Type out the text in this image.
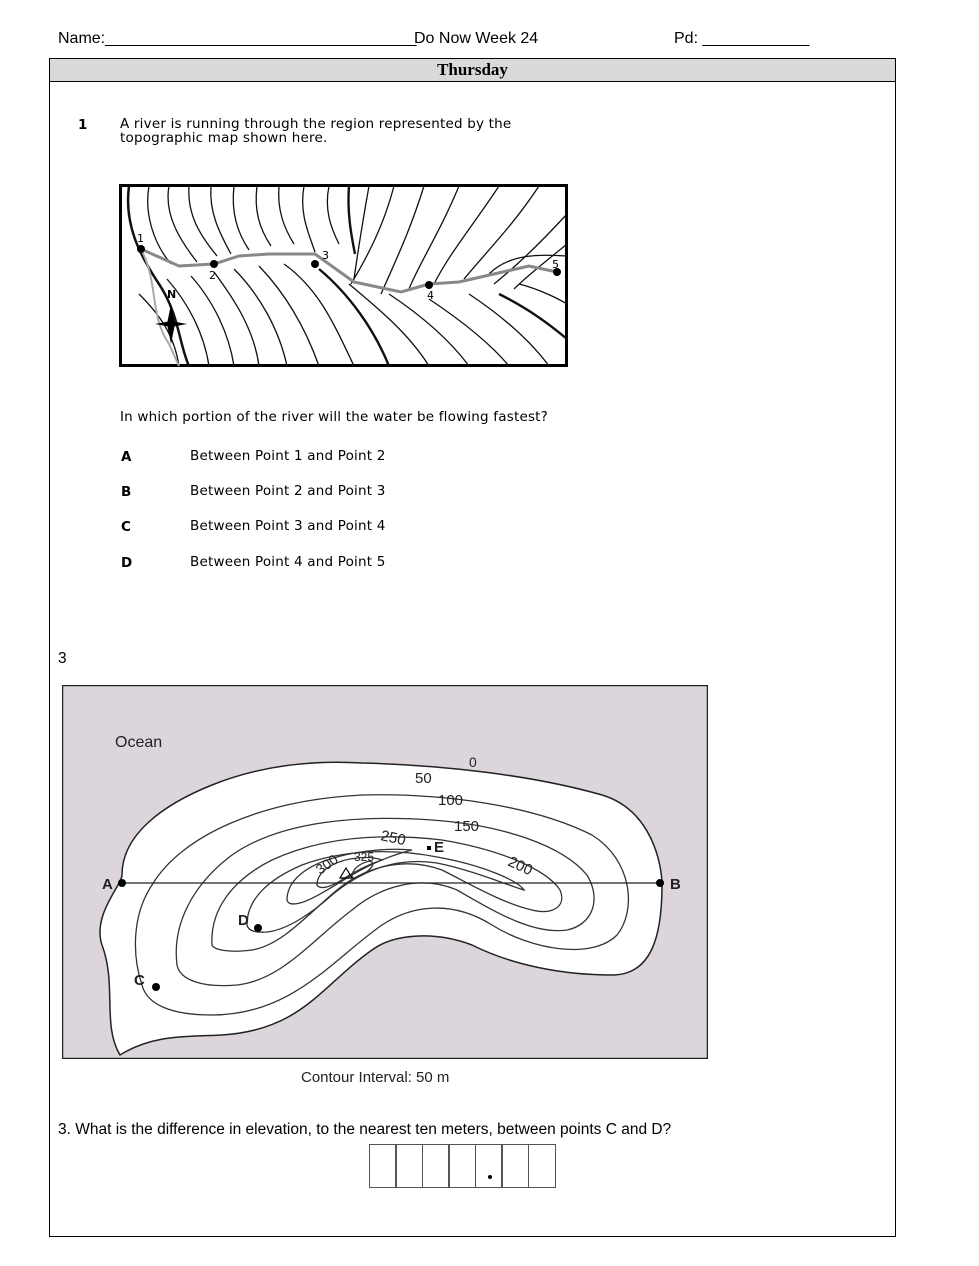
Name:___________________________________
Do Now Week 24	Pd: ____________
Thursday
1 A river is running through the region represented by the
topographic map shown here.
1
2
3
4
5
N
In which portion of the river will the water be flowing fastest?
A	Between Point 1 and Point 2
B	Between Point 2 and Point 3
C	Between Point 3 and Point 4
D	Between Point 4 and Point 5
3
Ocean
0
50
100
150
200
250
300 325
A	B
C
D
E
Contour Interval: 50 m
3. What is the difference in elevation, to the nearest ten meters, between points C and D?
